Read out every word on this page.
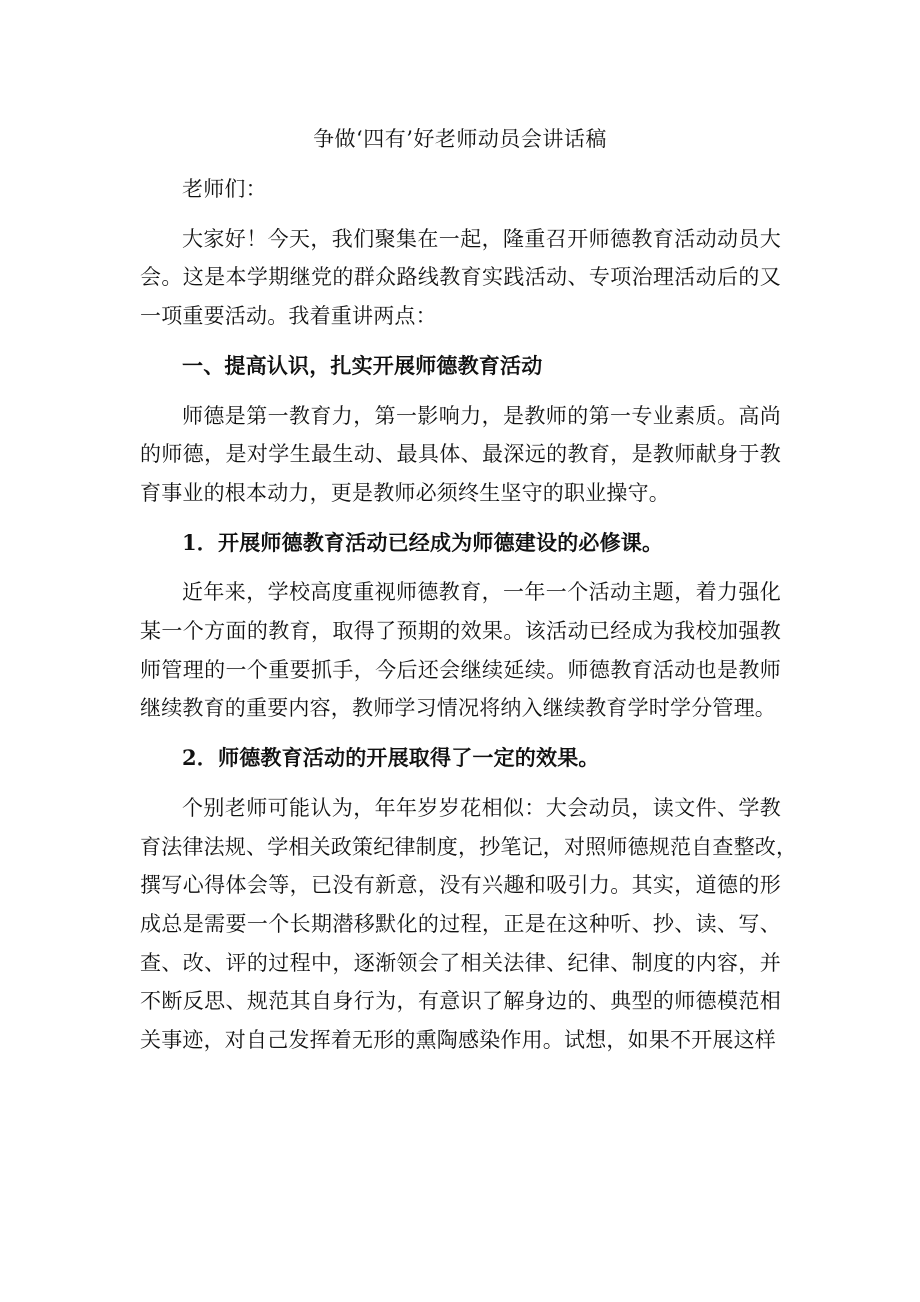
争做‘四有’好老师动员会讲话稿
老师们：
大家好！今天，我们聚集在一起，隆重召开师德教育活动动员大
会。这是本学期继党的群众路线教育实践活动、专项治理活动后的又
一项重要活动。我着重讲两点：
一、提高认识，扎实开展师德教育活动
师德是第一教育力，第一影响力，是教师的第一专业素质。高尚
的师德，是对学生最生动、最具体、最深远的教育，是教师献身于教
育事业的根本动力，更是教师必须终生坚守的职业操守。
1．开展师德教育活动已经成为师德建设的必修课。
近年来，学校高度重视师德教育，一年一个活动主题，着力强化
某一个方面的教育，取得了预期的效果。该活动已经成为我校加强教
师管理的一个重要抓手，今后还会继续延续。师德教育活动也是教师
继续教育的重要内容，教师学习情况将纳入继续教育学时学分管理。
2．师德教育活动的开展取得了一定的效果。
个别老师可能认为，年年岁岁花相似：大会动员，读文件、学教
育法律法规、学相关政策纪律制度，抄笔记，对照师德规范自查整改，
撰写心得体会等，已没有新意，没有兴趣和吸引力。其实，道德的形
成总是需要一个长期潜移默化的过程，正是在这种听、抄、读、写、
查、改、评的过程中，逐渐领会了相关法律、纪律、制度的内容，并
不断反思、规范其自身行为，有意识了解身边的、典型的师德模范相
关事迹，对自己发挥着无形的熏陶感染作用。试想，如果不开展这样
